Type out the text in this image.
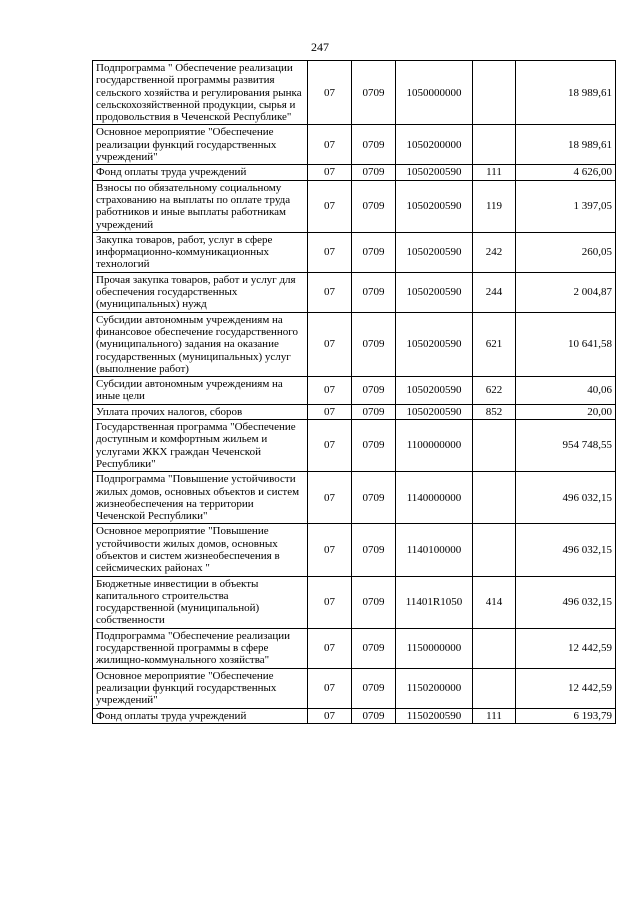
247
Подпрограмма " Обеспечение реализации государственной программы развития сельского хозяйства и регулирования рынка сельскохозяйственной продукции, сырья и продовольствия в Чеченской Республике"	07	0709	1050000000		18 989,61
Основное мероприятие "Обеспечение реализации функций государственных учреждений"	07	0709	1050200000		18 989,61
Фонд оплаты труда учреждений	07	0709	1050200590	111	4 626,00
Взносы по обязательному социальному страхованию на выплаты по оплате труда работников и иные выплаты работникам учреждений	07	0709	1050200590	119	1 397,05
Закупка товаров, работ, услуг в сфере информационно-коммуникационных технологий	07	0709	1050200590	242	260,05
Прочая закупка товаров, работ и услуг для обеспечения государственных (муниципальных) нужд	07	0709	1050200590	244	2 004,87
Субсидии автономным учреждениям на финансовое обеспечение государственного (муниципального) задания на оказание государственных (муниципальных) услуг (выполнение работ)	07	0709	1050200590	621	10 641,58
Субсидии автономным учреждениям на иные цели	07	0709	1050200590	622	40,06
Уплата прочих налогов, сборов	07	0709	1050200590	852	20,00
Государственная программа "Обеспечение доступным и комфортным жильем и услугами ЖКХ граждан Чеченской Республики"	07	0709	1100000000		954 748,55
Подпрограмма "Повышение устойчивости жилых домов, основных объектов и систем жизнеобеспечения на территории Чеченской Республики"	07	0709	1140000000		496 032,15
Основное мероприятие "Повышение устойчивости жилых домов, основных объектов и систем жизнеобеспечения в сейсмических районах "	07	0709	1140100000		496 032,15
Бюджетные инвестиции в объекты капитального строительства государственной (муниципальной) собственности	07	0709	11401R1050	414	496 032,15
Подпрограмма "Обеспечение реализации государственной программы в сфере жилищно-коммунального хозяйства"	07	0709	1150000000		12 442,59
Основное мероприятие "Обеспечение реализации функций государственных учреждений"	07	0709	1150200000		12 442,59
Фонд оплаты труда учреждений	07	0709	1150200590	111	6 193,79
